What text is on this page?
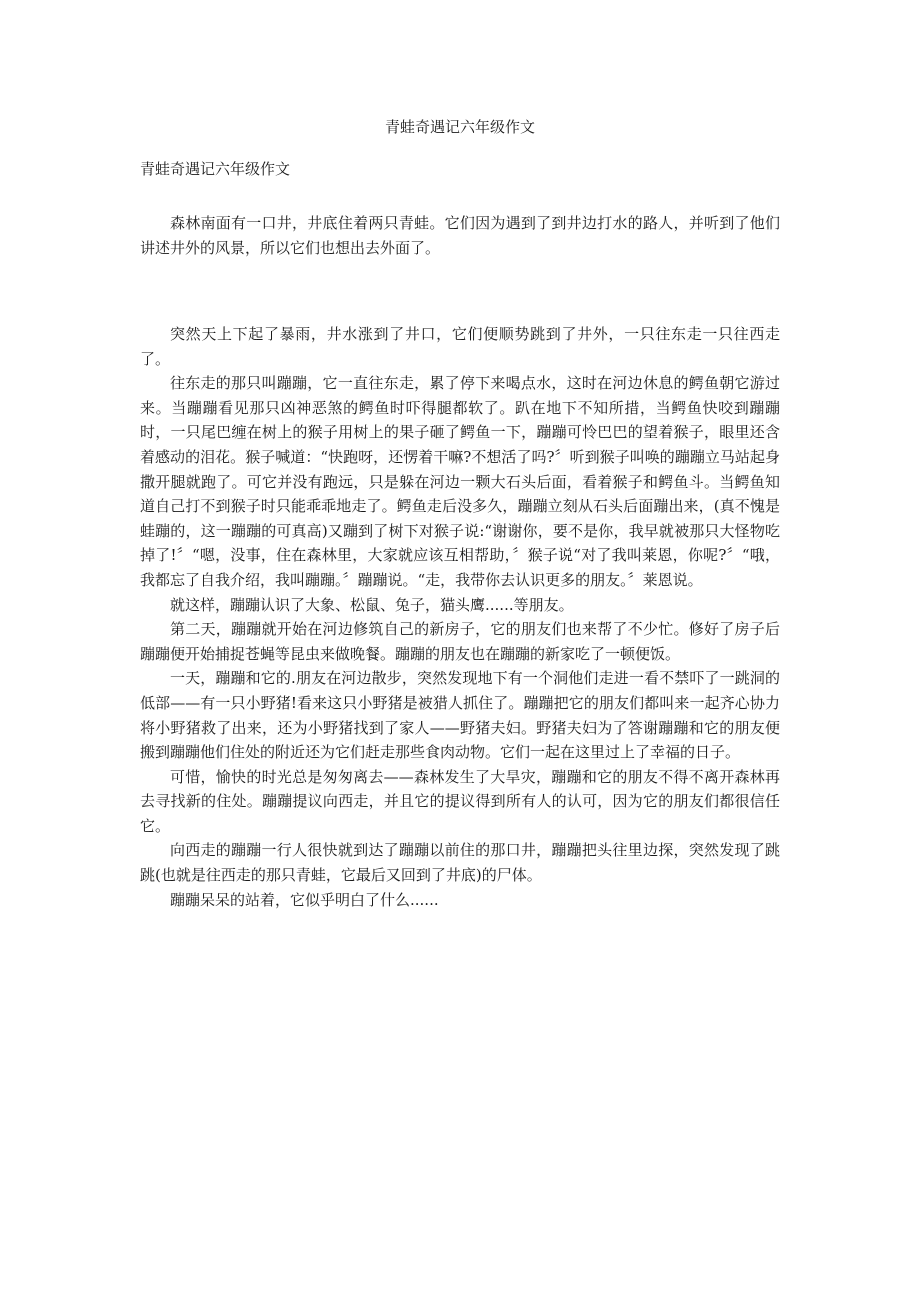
青蛙奇遇记六年级作文
青蛙奇遇记六年级作文

森林南面有一口井，井底住着两只青蛙。它们因为遇到了到井边打水的路人，并听到了他们讲述井外的风景，所以它们也想出去外面了。

突然天上下起了暴雨，井水涨到了井口，它们便顺势跳到了井外，一只往东走一只往西走了。

往东走的那只叫蹦蹦，它一直往东走，累了停下来喝点水，这时在河边休息的鳄鱼朝它游过来。当蹦蹦看见那只凶神恶煞的鳄鱼时吓得腿都软了。趴在地下不知所措，当鳄鱼快咬到蹦蹦时，一只尾巴缠在树上的猴子用树上的果子砸了鳄鱼一下，蹦蹦可怜巴巴的望着猴子，眼里还含着感动的泪花。猴子喊道：“快跑呀，还愣着干嘛?不想活了吗?〞听到猴子叫唤的蹦蹦立马站起身撒开腿就跑了。可它并没有跑远，只是躲在河边一颗大石头后面，看着猴子和鳄鱼斗。当鳄鱼知道自己打不到猴子时只能乖乖地走了。鳄鱼走后没多久，蹦蹦立刻从石头后面蹦出来，(真不愧是蛙蹦的，这一蹦蹦的可真高)又蹦到了树下对猴子说:“谢谢你，要不是你，我早就被那只大怪物吃掉了!〞“嗯，没事，住在森林里，大家就应该互相帮助，〞猴子说“对了我叫莱恩，你呢?〞“哦，我都忘了自我介绍，我叫蹦蹦。〞蹦蹦说。“走，我带你去认识更多的朋友。〞莱恩说。

就这样，蹦蹦认识了大象、松鼠、兔子，猫头鹰......等朋友。

第二天，蹦蹦就开始在河边修筑自己的新房子，它的朋友们也来帮了不少忙。修好了房子后蹦蹦便开始捕捉苍蝇等昆虫来做晚餐。蹦蹦的朋友也在蹦蹦的新家吃了一顿便饭。

一天，蹦蹦和它的.朋友在河边散步，突然发现地下有一个洞他们走进一看不禁吓了一跳洞的低部——有一只小野猪!看来这只小野猪是被猎人抓住了。蹦蹦把它的朋友们都叫来一起齐心协力将小野猪救了出来，还为小野猪找到了家人——野猪夫妇。野猪夫妇为了答谢蹦蹦和它的朋友便搬到蹦蹦他们住处的附近还为它们赶走那些食肉动物。它们一起在这里过上了幸福的日子。

可惜，愉快的时光总是匆匆离去——森林发生了大旱灾，蹦蹦和它的朋友不得不离开森林再去寻找新的住处。蹦蹦提议向西走，并且它的提议得到所有人的认可，因为它的朋友们都很信任它。

向西走的蹦蹦一行人很快就到达了蹦蹦以前住的那口井，蹦蹦把头往里边探，突然发现了跳跳(也就是往西走的那只青蛙，它最后又回到了井底)的尸体。

蹦蹦呆呆的站着，它似乎明白了什么......
